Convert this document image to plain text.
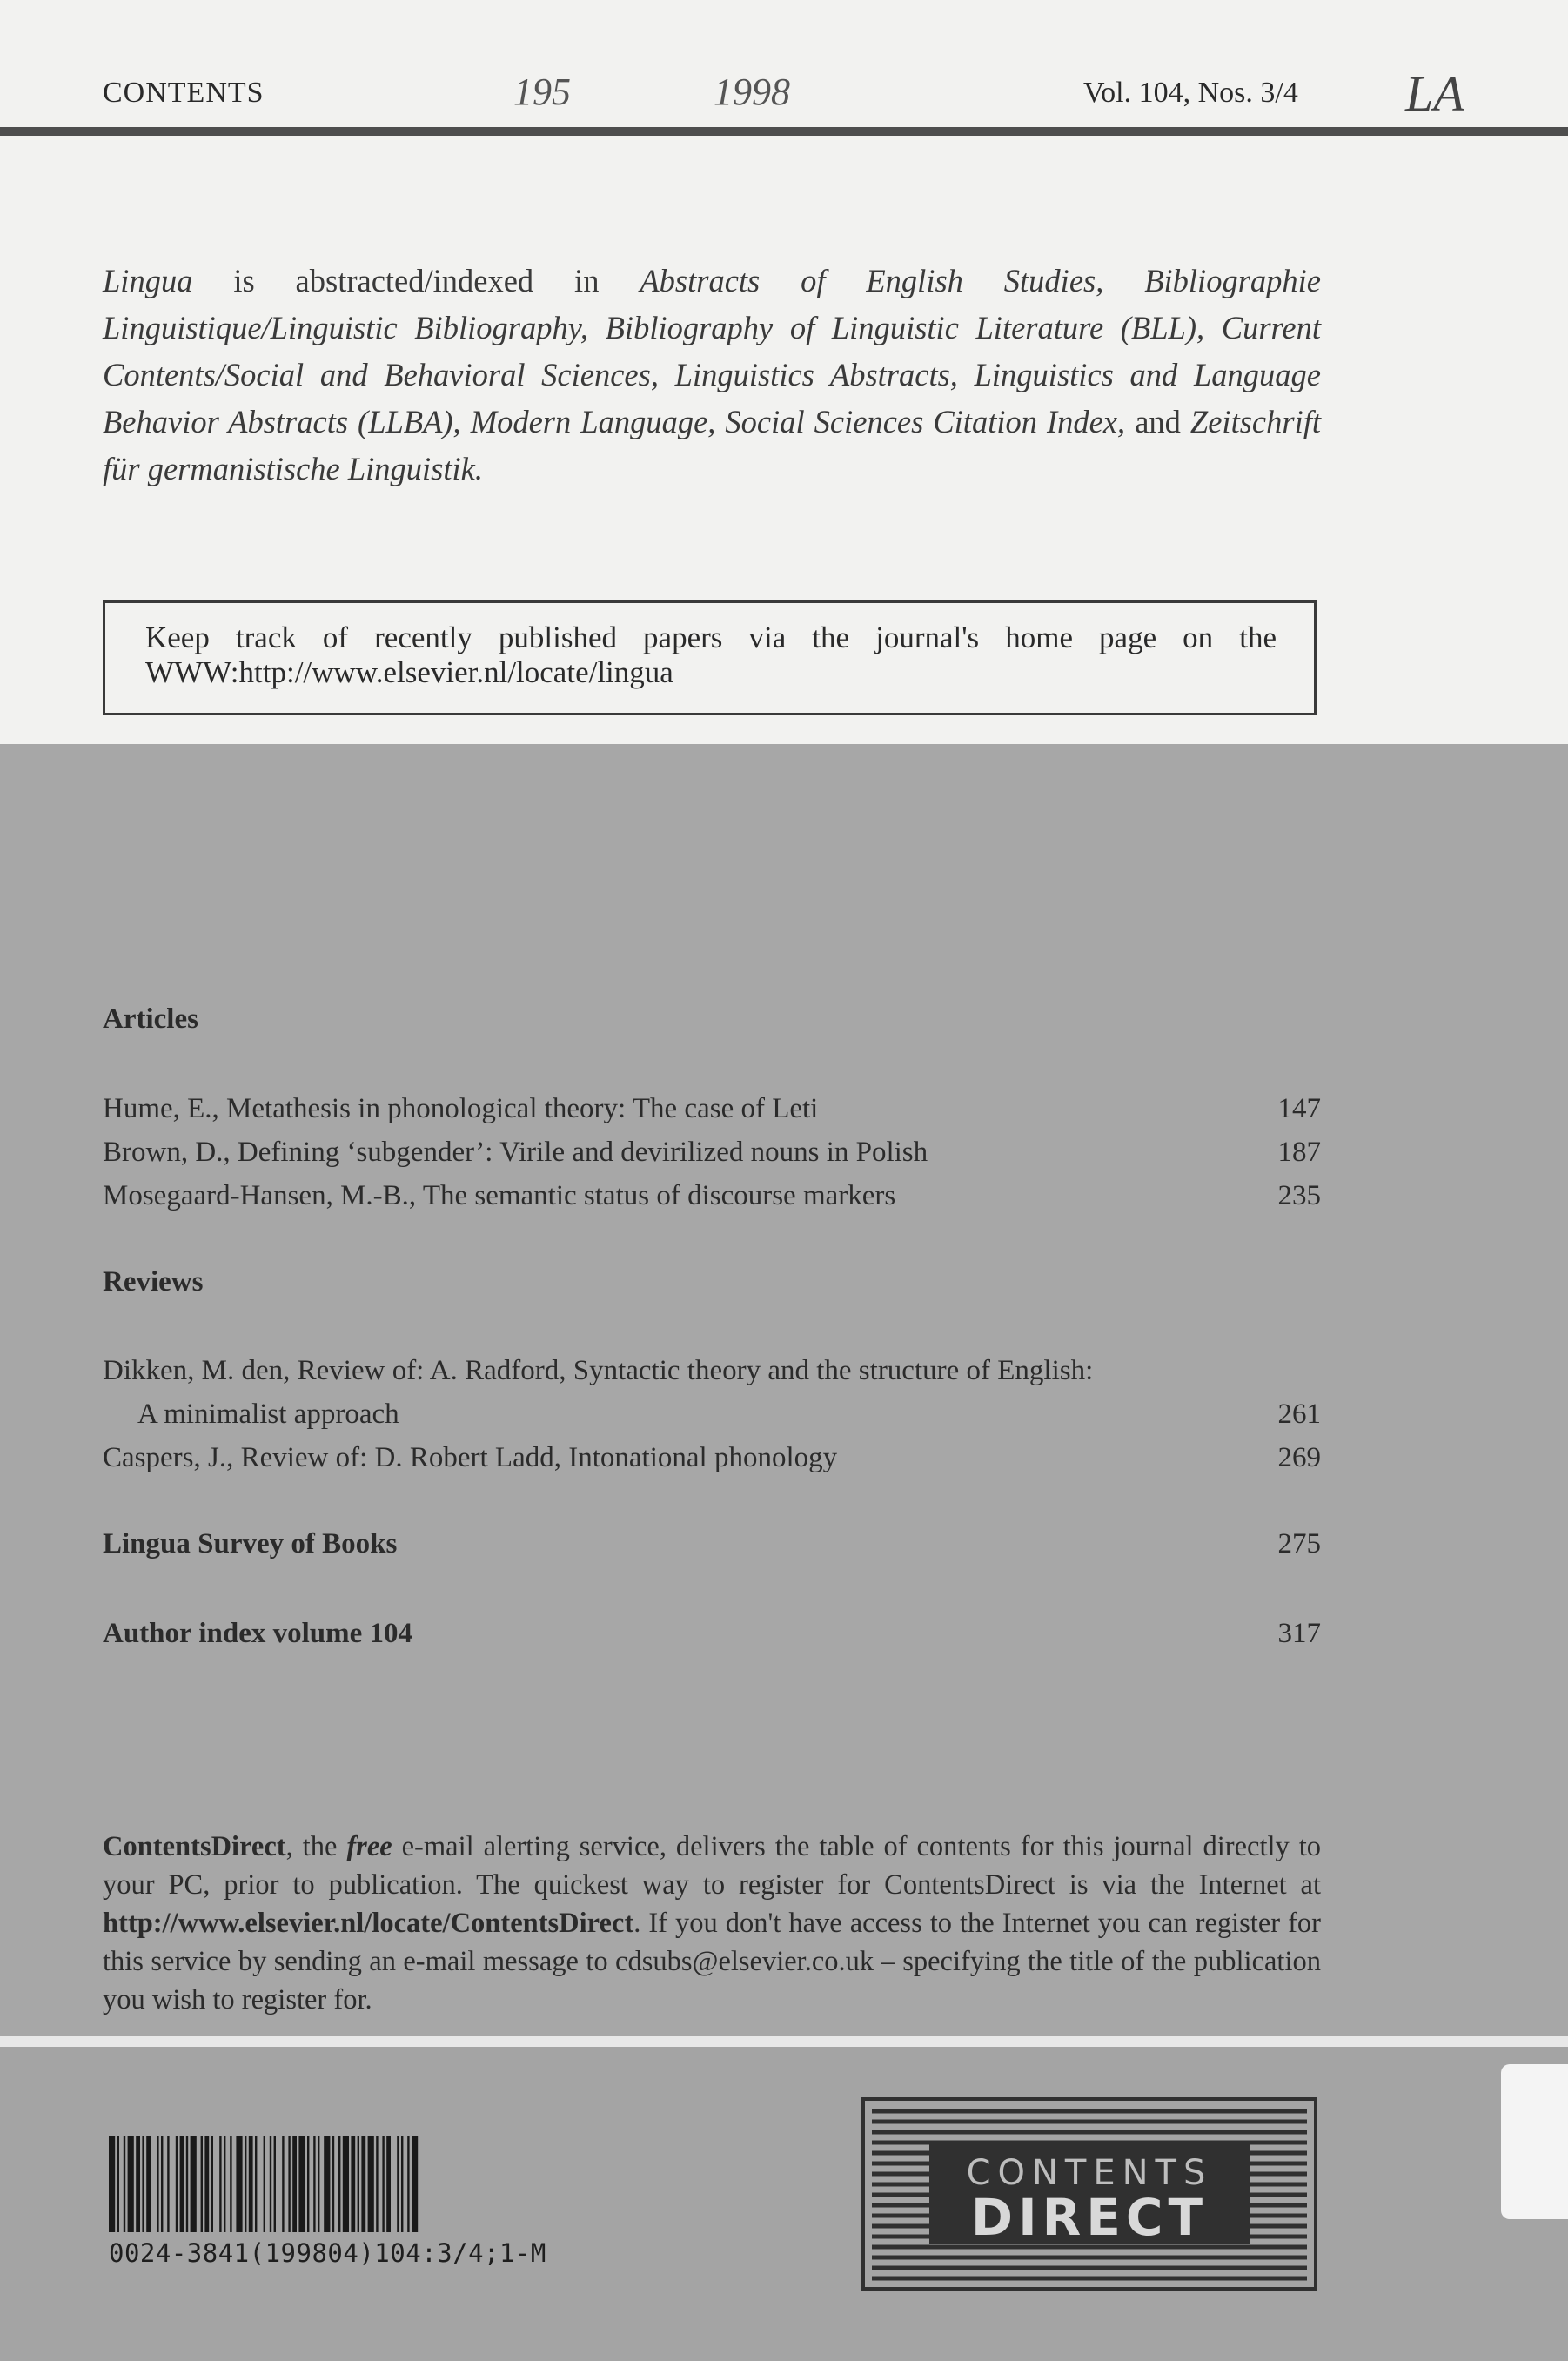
CONTENTS	195	1998	Vol. 104, Nos. 3/4 LA
Lingua is abstracted/indexed in Abstracts of English Studies, Bibliographie Linguistique/Linguistic Bibliography, Bibliography of Linguistic Literature (BLL), Current Contents/Social and Behavioral Sciences, Linguistics Abstracts, Linguistics and Language Behavior Abstracts (LLBA), Modern Language, Social Sciences Citation Index, and Zeitschrift für germanistische Linguistik.
Keep track of recently published papers via the journal's home page on the WWW:http://www.elsevier.nl/locate/lingua
Articles
Hume, E., Metathesis in phonological theory: The case of Leti	147
Brown, D., Defining ‘subgender’: Virile and devirilized nouns in Polish	187
Mosegaard-Hansen, M.-B., The semantic status of discourse markers	235
Reviews
Dikken, M. den, Review of: A. Radford, Syntactic theory and the structure of English:
A minimalist approach	261
Caspers, J., Review of: D. Robert Ladd, Intonational phonology	269
Lingua Survey of Books	275
Author index volume 104	317
ContentsDirect, the free e-mail alerting service, delivers the table of contents for this journal directly to your PC, prior to publication. The quickest way to register for ContentsDirect is via the Internet at http://www.elsevier.nl/locate/ContentsDirect. If you don't have access to the Internet you can register for this service by sending an e-mail message to cdsubs@elsevier.co.uk – specifying the title of the publication you wish to register for.
0024-3841(199804)104:3/4;1-M
CONTENTS
DIRECT
